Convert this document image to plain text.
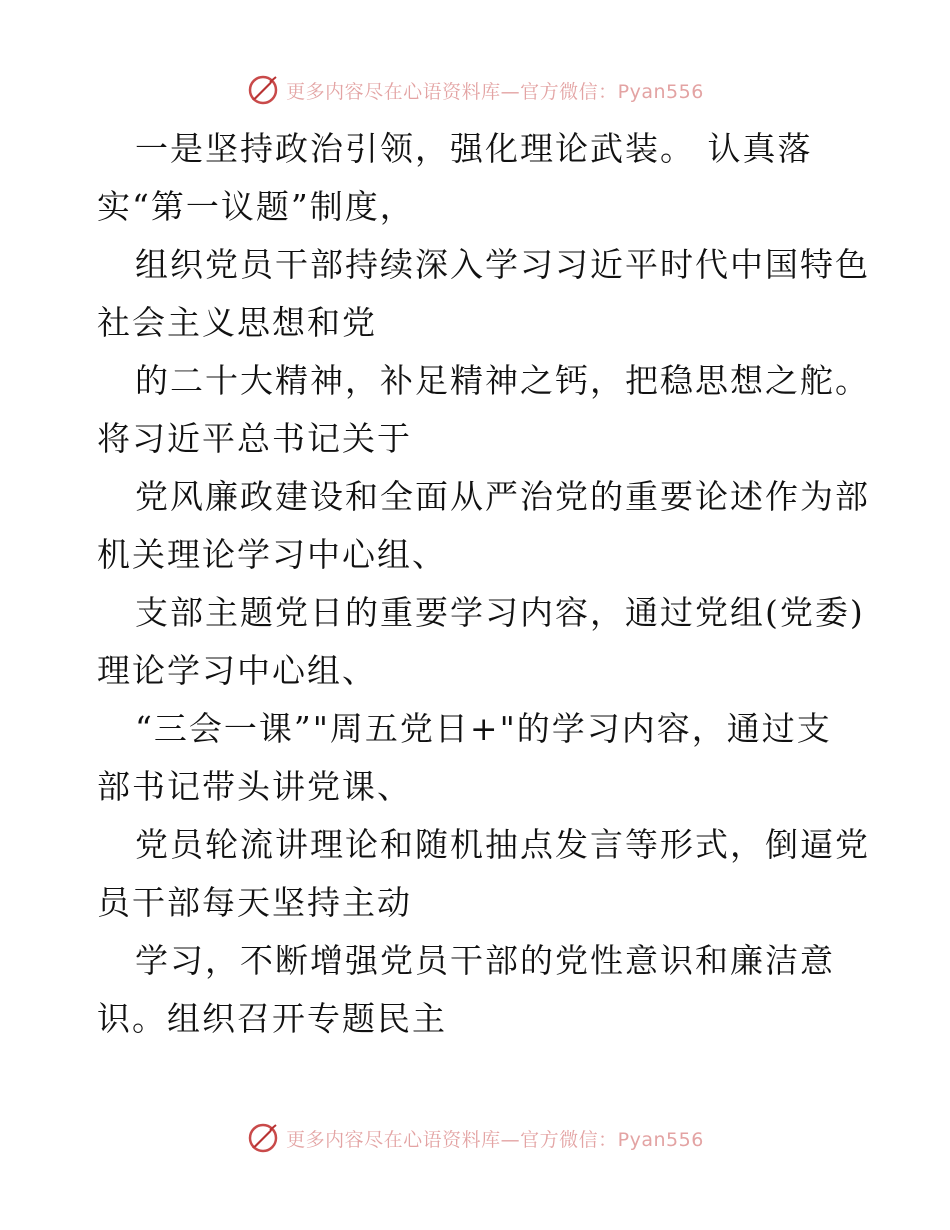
更多内容尽在心语资料库—官方微信：Pyan556
一是坚持政治引领，强化理论武装。 认真落
实“第一议题”制度，
组织党员干部持续深入学习习近平时代中国特色
社会主义思想和党
的二十大精神，补足精神之钙，把稳思想之舵。
将习近平总书记关于
党风廉政建设和全面从严治党的重要论述作为部
机关理论学习中心组、
支部主题党日的重要学习内容，通过党组(党委)
理论学习中心组、
“三会一课”"周五党日+"的学习内容，通过支
部书记带头讲党课、
党员轮流讲理论和随机抽点发言等形式，倒逼党
员干部每天坚持主动
学习，不断增强党员干部的党性意识和廉洁意
识。组织召开专题民主
更多内容尽在心语资料库—官方微信：Pyan556
